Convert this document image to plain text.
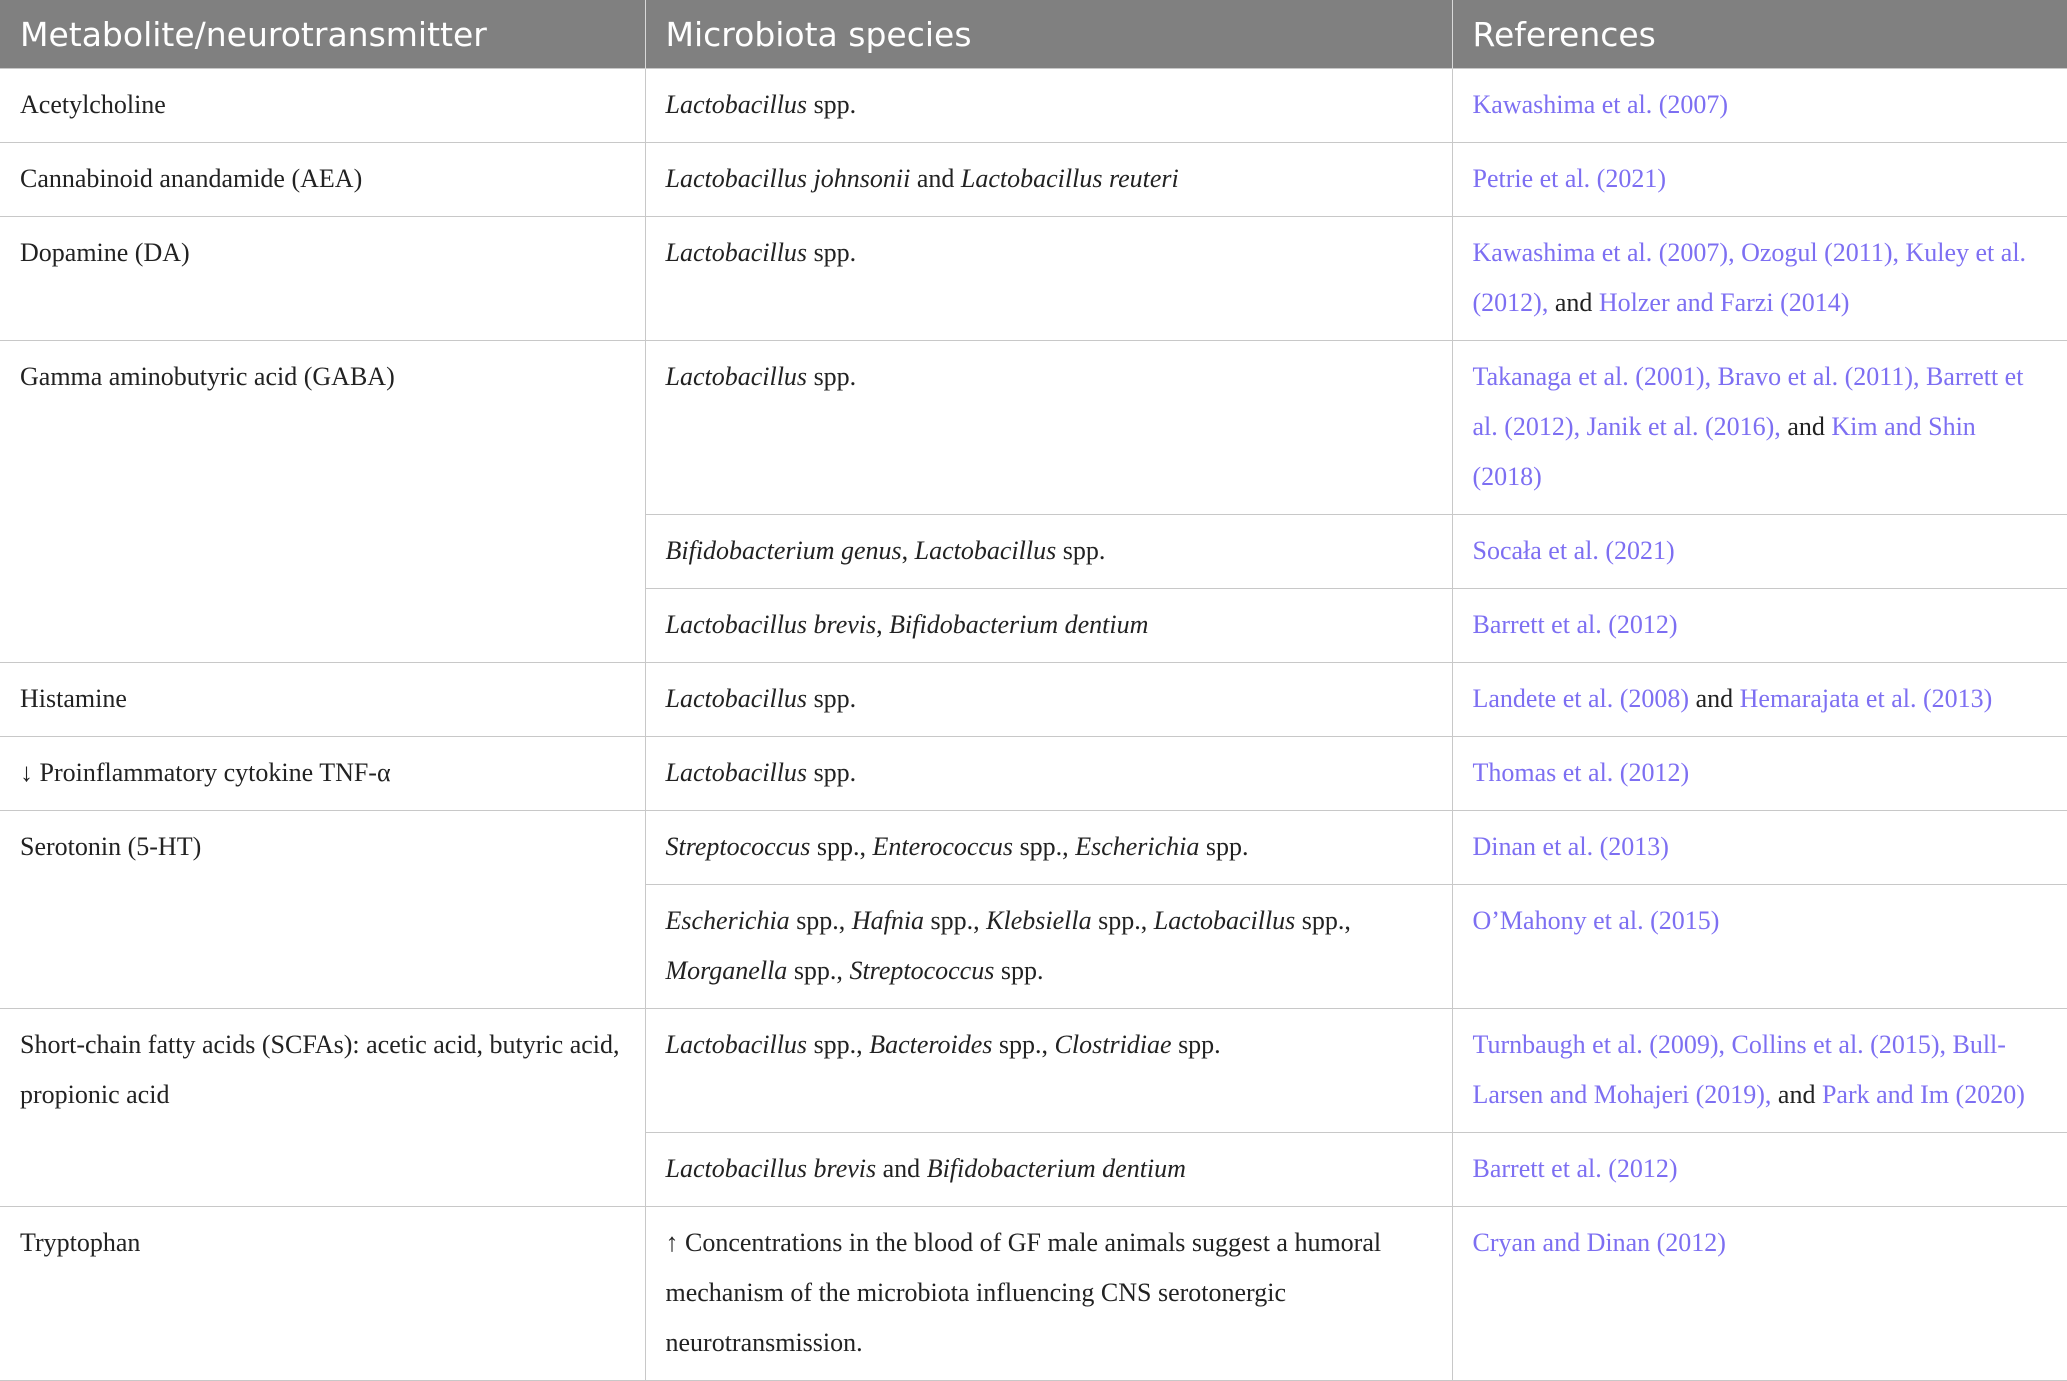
Metabolite/neurotransmitter	Microbiota species	References
Acetylcholine	Lactobacillus spp.	Kawashima et al. (2007)
Cannabinoid anandamide (AEA)	Lactobacillus johnsonii and Lactobacillus reuteri	Petrie et al. (2021)
Dopamine (DA)	Lactobacillus spp.	Kawashima et al. (2007), Ozogul (2011), Kuley et al. (2012), and Holzer and Farzi (2014)
Gamma aminobutyric acid (GABA)	Lactobacillus spp.	Takanaga et al. (2001), Bravo et al. (2011), Barrett et al. (2012), Janik et al. (2016), and Kim and Shin (2018)
	Bifidobacterium genus, Lactobacillus spp.	Socała et al. (2021)
	Lactobacillus brevis, Bifidobacterium dentium	Barrett et al. (2012)
Histamine	Lactobacillus spp.	Landete et al. (2008) and Hemarajata et al. (2013)
↓ Proinflammatory cytokine TNF-α	Lactobacillus spp.	Thomas et al. (2012)
Serotonin (5-HT)	Streptococcus spp., Enterococcus spp., Escherichia spp.	Dinan et al. (2013)
	Escherichia spp., Hafnia spp., Klebsiella spp., Lactobacillus spp., Morganella spp., Streptococcus spp.	O’Mahony et al. (2015)
Short-chain fatty acids (SCFAs): acetic acid, butyric acid, propionic acid	Lactobacillus spp., Bacteroides spp., Clostridiae spp.	Turnbaugh et al. (2009), Collins et al. (2015), Bull-Larsen and Mohajeri (2019), and Park and Im (2020)
	Lactobacillus brevis and Bifidobacterium dentium	Barrett et al. (2012)
Tryptophan	↑ Concentrations in the blood of GF male animals suggest a humoral mechanism of the microbiota influencing CNS serotonergic neurotransmission.	Cryan and Dinan (2012)
